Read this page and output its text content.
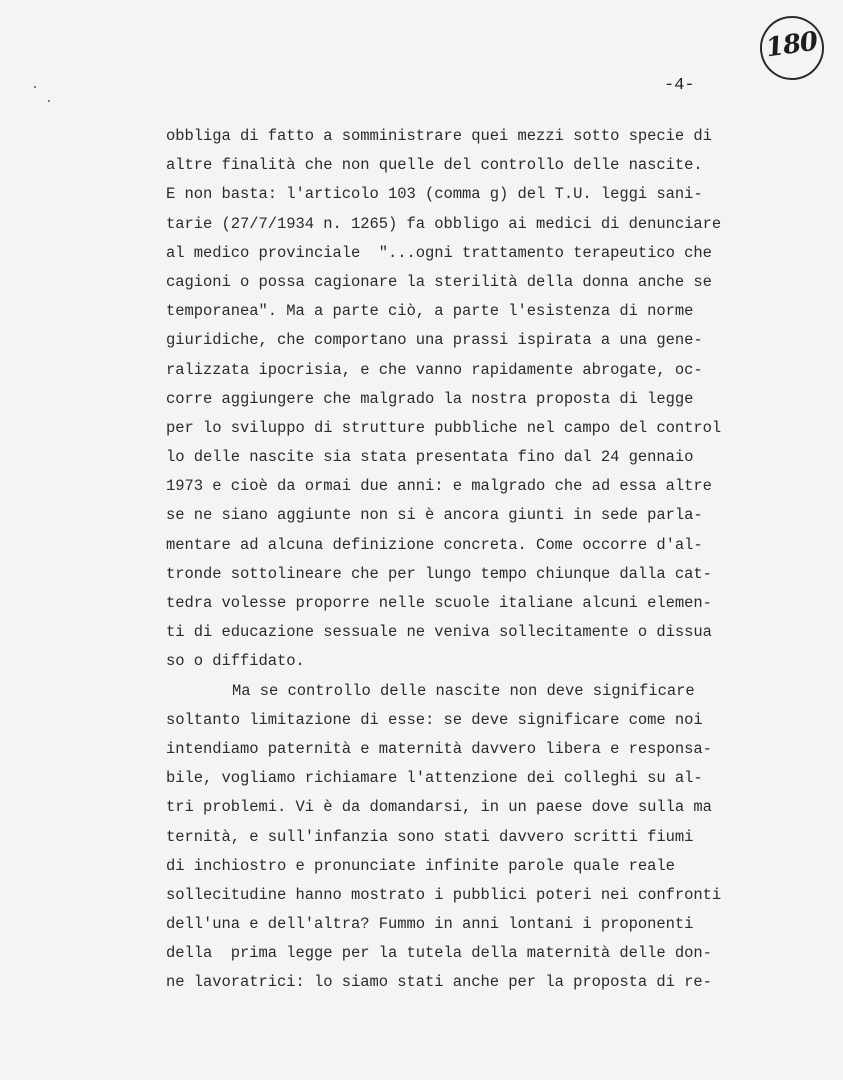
180
-4-
obbliga di fatto a somministrare quei mezzi sotto specie di
altre finalità che non quelle del controllo delle nascite.
E non basta: l'articolo 103 (comma g) del T.U. leggi sani-
tarie (27/7/1934 n. 1265) fa obbligo ai medici di denunciare
al medico provinciale  "...ogni trattamento terapeutico che
cagioni o possa cagionare la sterilità della donna anche se
temporanea". Ma a parte ciò, a parte l'esistenza di norme
giuridiche, che comportano una prassi ispirata a una gene-
ralizzata ipocrisia, e che vanno rapidamente abrogate, oc-
corre aggiungere che malgrado la nostra proposta di legge
per lo sviluppo di strutture pubbliche nel campo del control
lo delle nascite sia stata presentata fino dal 24 gennaio
1973 e cioè da ormai due anni: e malgrado che ad essa altre
se ne siano aggiunte non si è ancora giunti in sede parla-
mentare ad alcuna definizione concreta. Come occorre d'al-
tronde sottolineare che per lungo tempo chiunque dalla cat-
tedra volesse proporre nelle scuole italiane alcuni elemen-
ti di educazione sessuale ne veniva sollecitamente o dissua
so o diffidato.
Ma se controllo delle nascite non deve significare
soltanto limitazione di esse: se deve significare come noi
intendiamo paternità e maternità davvero libera e responsa-
bile, vogliamo richiamare l'attenzione dei colleghi su al-
tri problemi. Vi è da domandarsi, in un paese dove sulla ma
ternità, e sull'infanzia sono stati davvero scritti fiumi
di inchiostro e pronunciate infinite parole quale reale
sollecitudine hanno mostrato i pubblici poteri nei confronti
dell'una e dell'altra? Fummo in anni lontani i proponenti
della  prima legge per la tutela della maternità delle don-
ne lavoratrici: lo siamo stati anche per la proposta di re-
